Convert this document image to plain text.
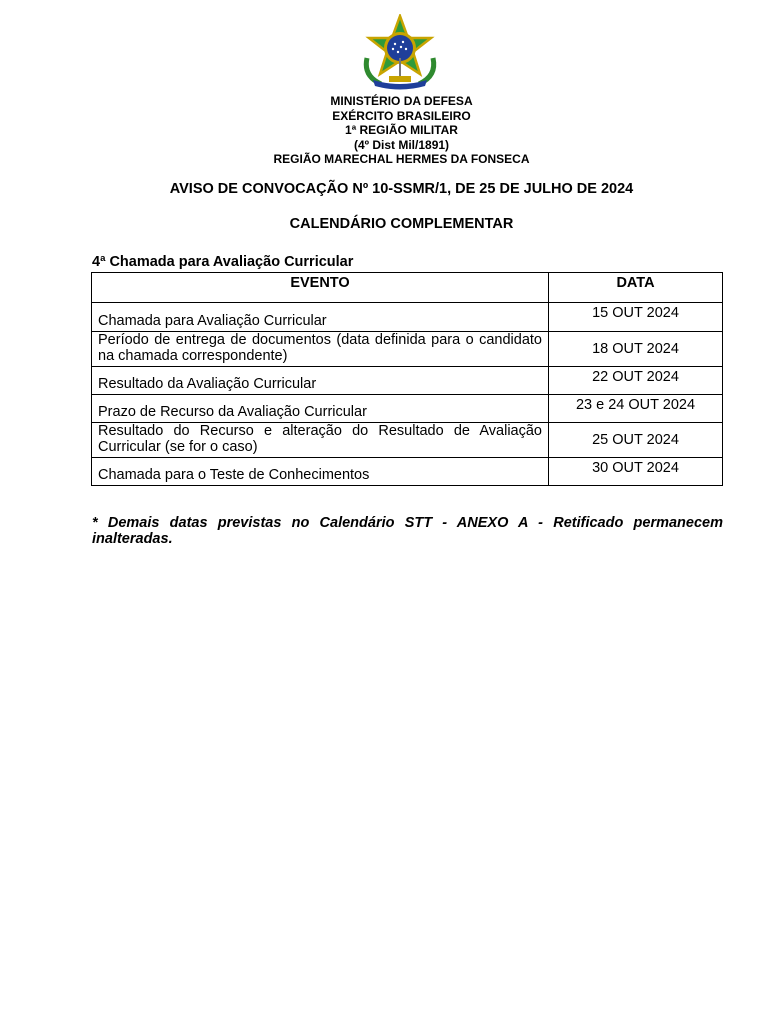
MINISTÉRIO DA DEFESA
EXÉRCITO BRASILEIRO
1ª REGIÃO MILITAR
(4º Dist Mil/1891)
REGIÃO MARECHAL HERMES DA FONSECA
AVISO DE CONVOCAÇÃO Nº 10-SSMR/1, DE 25 DE JULHO DE 2024
CALENDÁRIO COMPLEMENTAR
4ª Chamada para Avaliação Curricular
EVENTO	DATA
Chamada para Avaliação Curricular	15 OUT 2024
Período de entrega de documentos (data definida para o candidato na chamada correspondente)	18 OUT 2024
Resultado da Avaliação Curricular	22 OUT 2024
Prazo de Recurso da Avaliação Curricular	23 e 24 OUT 2024
Resultado do Recurso e alteração do Resultado de Avaliação Curricular (se for o caso)	25 OUT 2024
Chamada para o Teste de Conhecimentos	30 OUT 2024
* Demais datas previstas no Calendário STT - ANEXO A - Retificado permanecem inalteradas.
